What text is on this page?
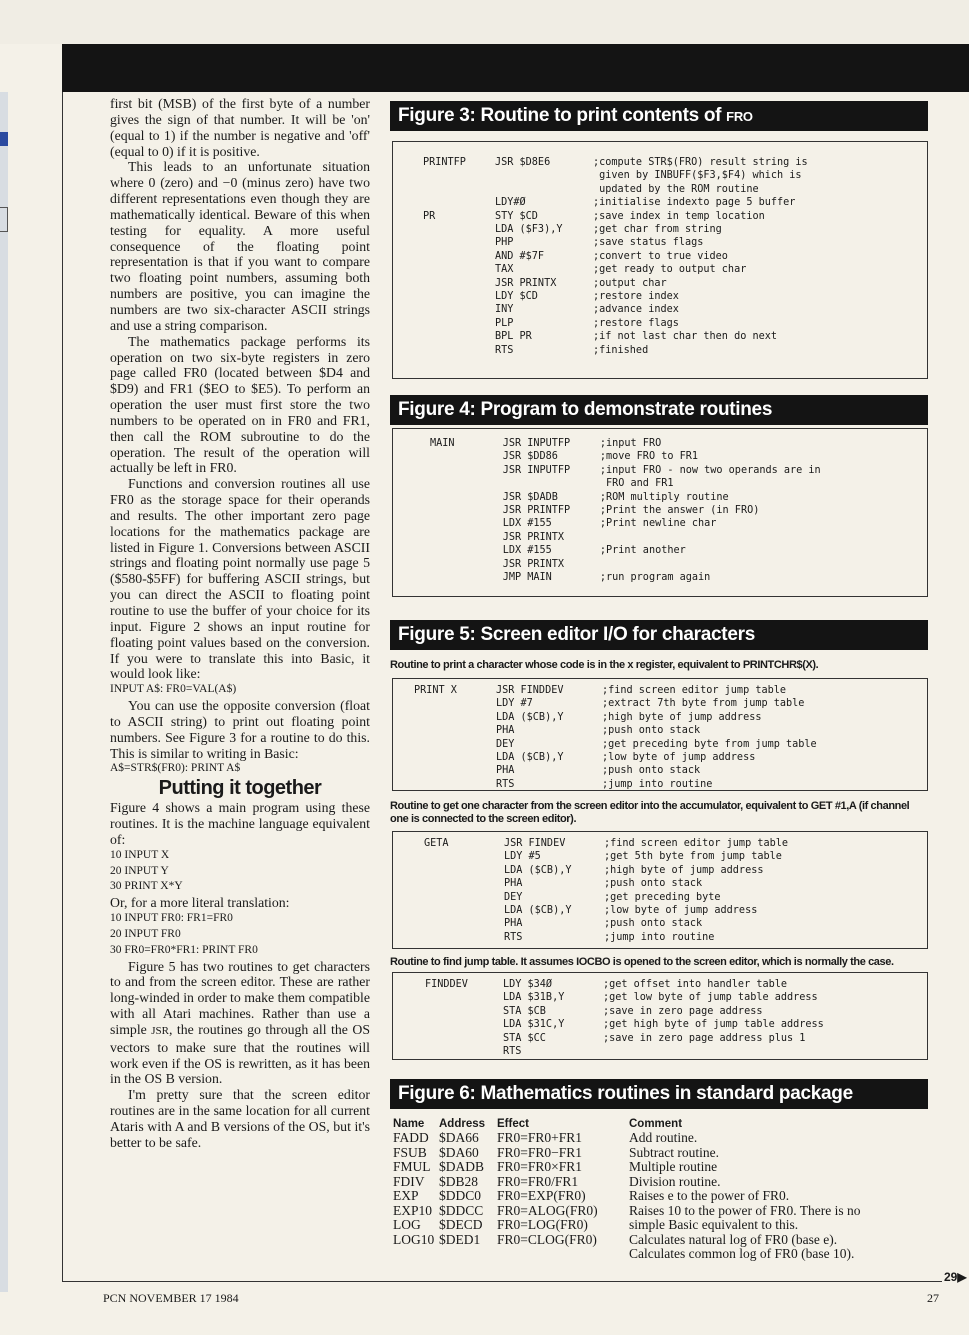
first bit (MSB) of the first byte of a number gives the sign of that number. It will be 'on' (equal to 1) if the number is negative and 'off' (equal to 0) if it is positive.

This leads to an unfortunate situation where 0 (zero) and −0 (minus zero) have two different representations even though they are mathematically identical. Beware of this when testing for equality. A more useful consequence of the floating point representation is that if you want to compare two floating point numbers, assuming both numbers are positive, you can imagine the numbers are two six-character ASCII strings and use a string comparison.

The mathematics package performs its operation on two six-byte registers in zero page called FR0 (located between $D4 and $D9) and FR1 ($EO to $E5). To perform an operation the user must first store the two numbers to be operated on in FR0 and FR1, then call the ROM subroutine to do the operation. The result of the operation will actually be left in FR0.

Functions and conversion routines all use FR0 as the storage space for their operands and results. The other important zero page locations for the mathematics package are listed in Figure 1. Conversions between ASCII strings and floating point normally use page 5 ($580-$5FF) for buffering ASCII strings, but you can direct the ASCII to floating point routine to use the buffer of your choice for its input. Figure 2 shows an input routine for floating point values based on the conversion. If you were to translate this into Basic, it would look like:

INPUT A$: FR0=VAL(A$)

You can use the opposite conversion (float to ASCII string) to print out floating point numbers. See Figure 3 for a routine to do this. This is similar to writing in Basic:

A$=STR$(FR0): PRINT A$

Putting it together

Figure 4 shows a main program using these routines. It is the machine language equivalent of:

10 INPUT X

20 INPUT Y

30 PRINT X*Y

Or, for a more literal translation:

10 INPUT FR0: FR1=FR0

20 INPUT FR0

30 FR0=FR0*FR1: PRINT FR0

Figure 5 has two routines to get characters to and from the screen editor. These are rather long-winded in order to make them compatible with all Atari machines. Rather than use a simple JSR, the routines go through all the OS vectors to make sure that the routines will work even if the OS is rewritten, as it has been in the OS B version.

I'm pretty sure that the screen editor routines are in the same location for all current Ataris with A and B versions of the OS, but it's better to be safe.

Figure 3: Routine to print contents of FRO
PRINTFP	JSR $D8E6	;compute STR$(FRO) result string is
		given by INBUFF($F3,$F4) which is
		updated by the ROM routine
	LDY#Ø	;initialise indexto page 5 buffer
PR	STY $CD	;save index in temp location
	LDA ($F3),Y	;get char from string
	PHP	;save status flags
	AND #$7F	;convert to true video
	TAX	;get ready to output char
	JSR PRINTX	;output char
	LDY $CD	;restore index
	INY	;advance index
	PLP	;restore flags
	BPL PR	;if not last char then do next
	RTS	;finished
Figure 4: Program to demonstrate routines
MAIN	JSR INPUTFP	;input FRO
	JSR $DD86	;move FRO to FR1
	JSR INPUTFP	;input FRO - now two operands are in
		FRO and FR1
	JSR $DADB	;ROM multiply routine
	JSR PRINTFP	;Print the answer (in FRO)
	LDX #155	;Print newline char
	JSR PRINTX	
	LDX #155	;Print another
	JSR PRINTX	
	JMP MAIN	;run program again
Figure 5: Screen editor I/O for characters
Routine to print a character whose code is in the x register, equivalent to PRINTCHR$(X).
PRINT X	JSR FINDDEV	;find screen editor jump table
	LDY #7	;extract 7th byte from jump table
	LDA ($CB),Y	;high byte of jump address
	PHA	;push onto stack
	DEY	;get preceding byte from jump table
	LDA ($CB),Y	;low byte of jump address
	PHA	;push onto stack
	RTS	;jump into routine
Routine to get one character from the screen editor into the accumulator, equivalent to GET #1,A (if channel one is connected to the screen editor).
GETA	JSR FINDEV	;find screen editor jump table
	LDY #5	;get 5th byte from jump table
	LDA ($CB),Y	;high byte of jump address
	PHA	;push onto stack
	DEY	;get preceding byte
	LDA ($CB),Y	;low byte of jump address
	PHA	;push onto stack
	RTS	;jump into routine
Routine to find jump table. It assumes IOCBO is opened to the screen editor, which is normally the case.
FINDDEV	LDY $34Ø	;get offset into handler table
	LDA $31B,Y	;get low byte of jump table address
	STA $CB	;save in zero page address
	LDA $31C,Y	;get high byte of jump table address
	STA $CC	;save in zero page address plus 1
	RTS	
Figure 6: Mathematics routines in standard package
Name	Address	Effect	Comment
FADD	$DA66	FR0=FR0+FR1	Add routine.
FSUB	$DA60	FR0=FR0−FR1	Subtract routine.
FMUL	$DADB	FR0=FR0×FR1	Multiple routine
FDIV	$DB28	FR0=FR0/FR1	Division routine.
EXP	$DDC0	FR0=EXP(FR0)	Raises e to the power of FR0.
EXP10	$DDCC	FR0=ALOG(FR0)	Raises 10 to the power of FR0. There is no
LOG	$DECD	FR0=LOG(FR0)	simple Basic equivalent to this.
LOG10	$DED1	FR0=CLOG(FR0)	Calculates natural log of FR0 (base e).
			Calculates common log of FR0 (base 10).
PCN NOVEMBER 17 1984	27
29▶
